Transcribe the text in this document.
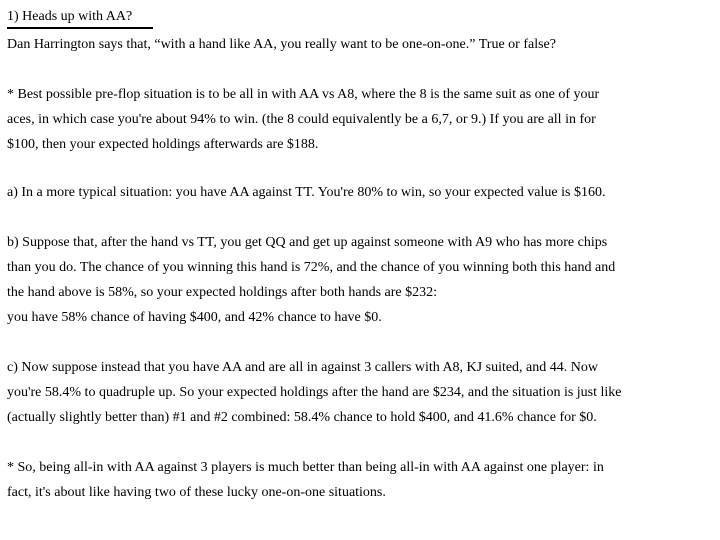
1) Heads up with AA?
Dan Harrington says that, “with a hand like AA, you really want to be one-on-one.” True or false?
* Best possible pre-flop situation is to be all in with AA vs A8, where the 8 is the same suit as one of your
aces, in which case you're about 94% to win. (the 8 could equivalently be a 6,7, or 9.) If you are all in for
$100, then your expected holdings afterwards are $188.
a) In a more typical situation: you have AA against TT. You're 80% to win, so your expected value is $160.
b) Suppose that, after the hand vs TT, you get QQ and get up against someone with A9 who has more chips
than you do. The chance of you winning this hand is 72%, and the chance of you winning both this hand and
the hand above is 58%, so your expected holdings after both hands are $232:
you have 58% chance of having $400, and 42% chance to have $0.
c) Now suppose instead that you have AA and are all in against 3 callers with A8, KJ suited, and 44. Now
you're 58.4% to quadruple up. So your expected holdings after the hand are $234, and the situation is just like
(actually slightly better than) #1 and #2 combined: 58.4% chance to hold $400, and 41.6% chance for $0.
* So, being all-in with AA against 3 players is much better than being all-in with AA against one player: in
fact, it's about like having two of these lucky one-on-one situations.
